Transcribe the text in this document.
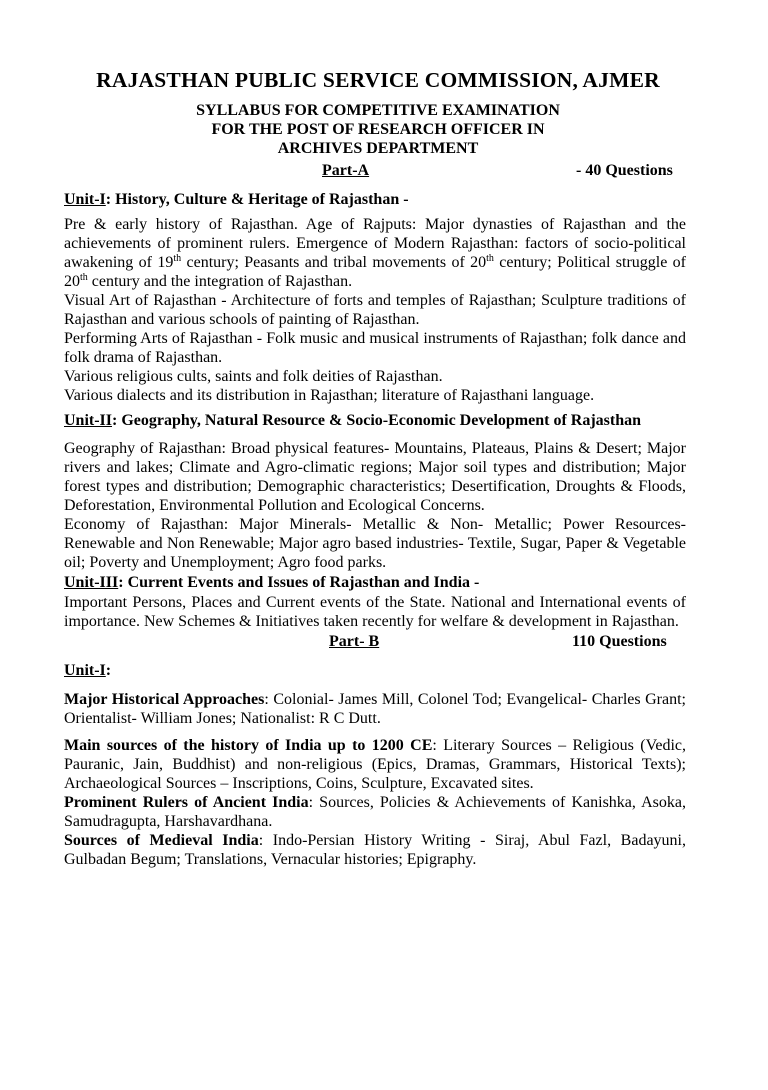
RAJASTHAN PUBLIC SERVICE COMMISSION, AJMER
SYLLABUS FOR COMPETITIVE EXAMINATION
FOR THE POST OF RESEARCH OFFICER IN
ARCHIVES DEPARTMENT
Part-A	- 40 Questions
Unit-I: History, Culture & Heritage of Rajasthan -
Pre & early history of Rajasthan. Age of Rajputs: Major dynasties of Rajasthan and the achievements of prominent rulers. Emergence of Modern Rajasthan: factors of socio-political awakening of 19th century; Peasants and tribal movements of 20th century; Political struggle of 20th century and the integration of Rajasthan.
Visual Art of Rajasthan - Architecture of forts and temples of Rajasthan; Sculpture traditions of Rajasthan and various schools of painting of Rajasthan.
Performing Arts of Rajasthan - Folk music and musical instruments of Rajasthan; folk dance and folk drama of Rajasthan.
Various religious cults, saints and folk deities of Rajasthan.
Various dialects and its distribution in Rajasthan; literature of Rajasthani language.
Unit-II: Geography, Natural Resource & Socio-Economic Development of Rajasthan
Geography of Rajasthan: Broad physical features- Mountains, Plateaus, Plains & Desert; Major rivers and lakes; Climate and Agro-climatic regions; Major soil types and distribution; Major forest types and distribution; Demographic characteristics; Desertification, Droughts & Floods, Deforestation, Environmental Pollution and Ecological Concerns.
Economy of Rajasthan: Major Minerals- Metallic & Non- Metallic; Power Resources- Renewable and Non Renewable; Major agro based industries- Textile, Sugar, Paper & Vegetable oil; Poverty and Unemployment; Agro food parks.
Unit-III: Current Events and Issues of Rajasthan and India -
Important Persons, Places and Current events of the State. National and International events of importance. New Schemes & Initiatives taken recently for welfare & development in Rajasthan.
Part- B	110 Questions
Unit-I:
Major Historical Approaches: Colonial- James Mill, Colonel Tod; Evangelical- Charles Grant; Orientalist- William Jones; Nationalist: R C Dutt.
Main sources of the history of India up to 1200 CE: Literary Sources – Religious (Vedic, Pauranic, Jain, Buddhist) and non-religious (Epics, Dramas, Grammars, Historical Texts); Archaeological Sources – Inscriptions, Coins, Sculpture, Excavated sites.
Prominent Rulers of Ancient India: Sources, Policies & Achievements of Kanishka, Asoka, Samudragupta, Harshavardhana.
Sources of Medieval India: Indo-Persian History Writing - Siraj, Abul Fazl, Badayuni, Gulbadan Begum; Translations, Vernacular histories; Epigraphy.
